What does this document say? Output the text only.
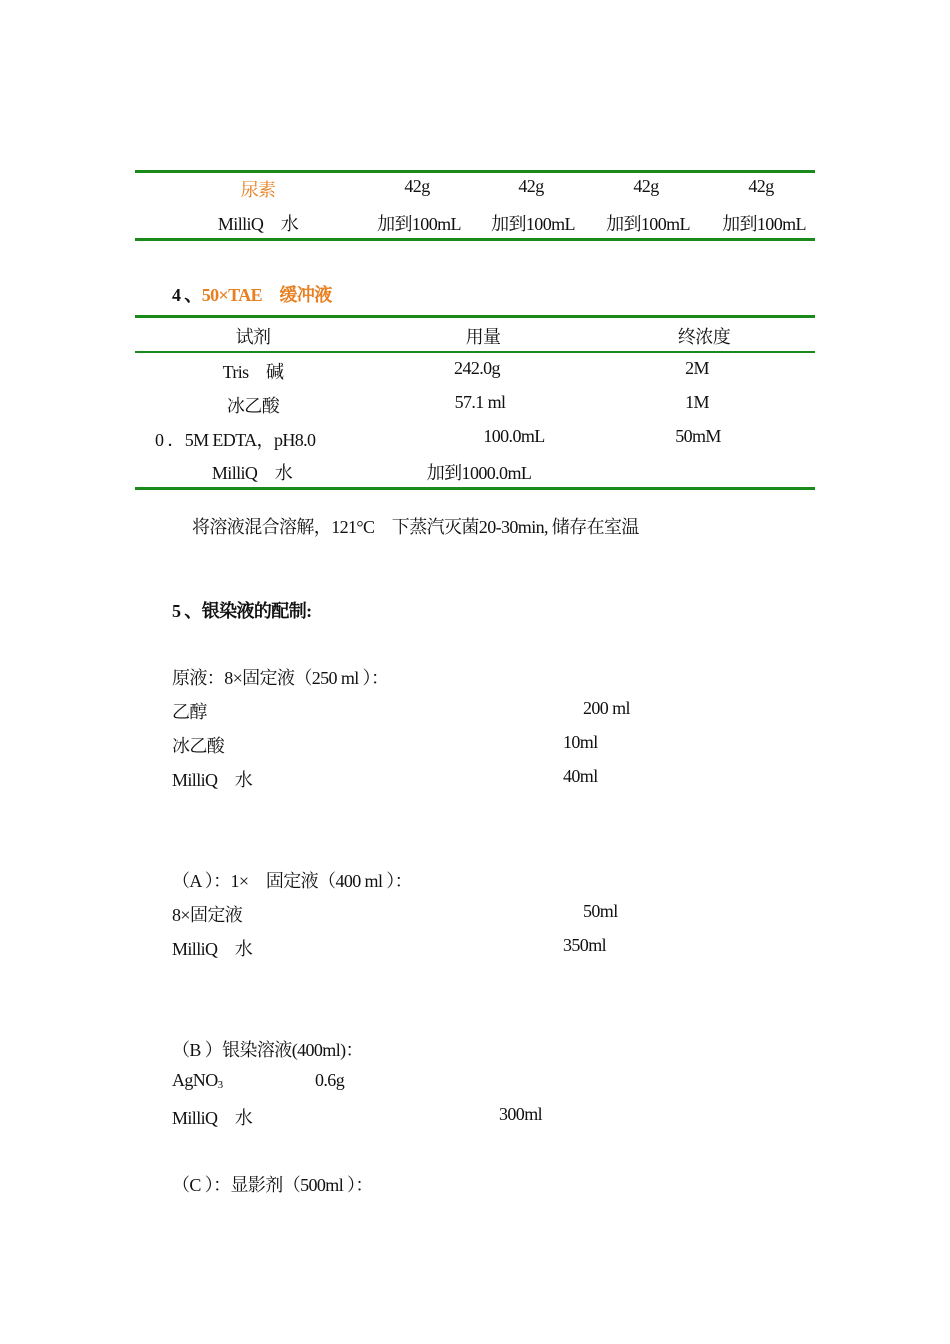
尿素	42g	42g	42g	42g
MilliQ　水	加到100mL 加到100mL 加到100mL 加到100mL
4 、50×TAE　缓冲液
试剂	用量	终浓度
Tris　碱	242.0g	2M
冰乙酸	57.1 ml	1M
0 ．5M EDTA，pH8.0	100.0mL	50mM
MilliQ　水	加到1000.0mL
将溶液混合溶解，121°C　下蒸汽灭菌20-30min, 储存在室温
5 、银染液的配制:
原液：8×固定液（250 ml ）：
乙醇	200 ml
冰乙酸	10ml
MilliQ　水	40ml
（A ）：1×　固定液（400 ml ）：
8×固定液	50ml
MilliQ　水	350ml
（B ）银染溶液(400ml)：
AgNO$_3$	0.6g
MilliQ　水	300ml
（C ）：显影剂（500ml ）：
